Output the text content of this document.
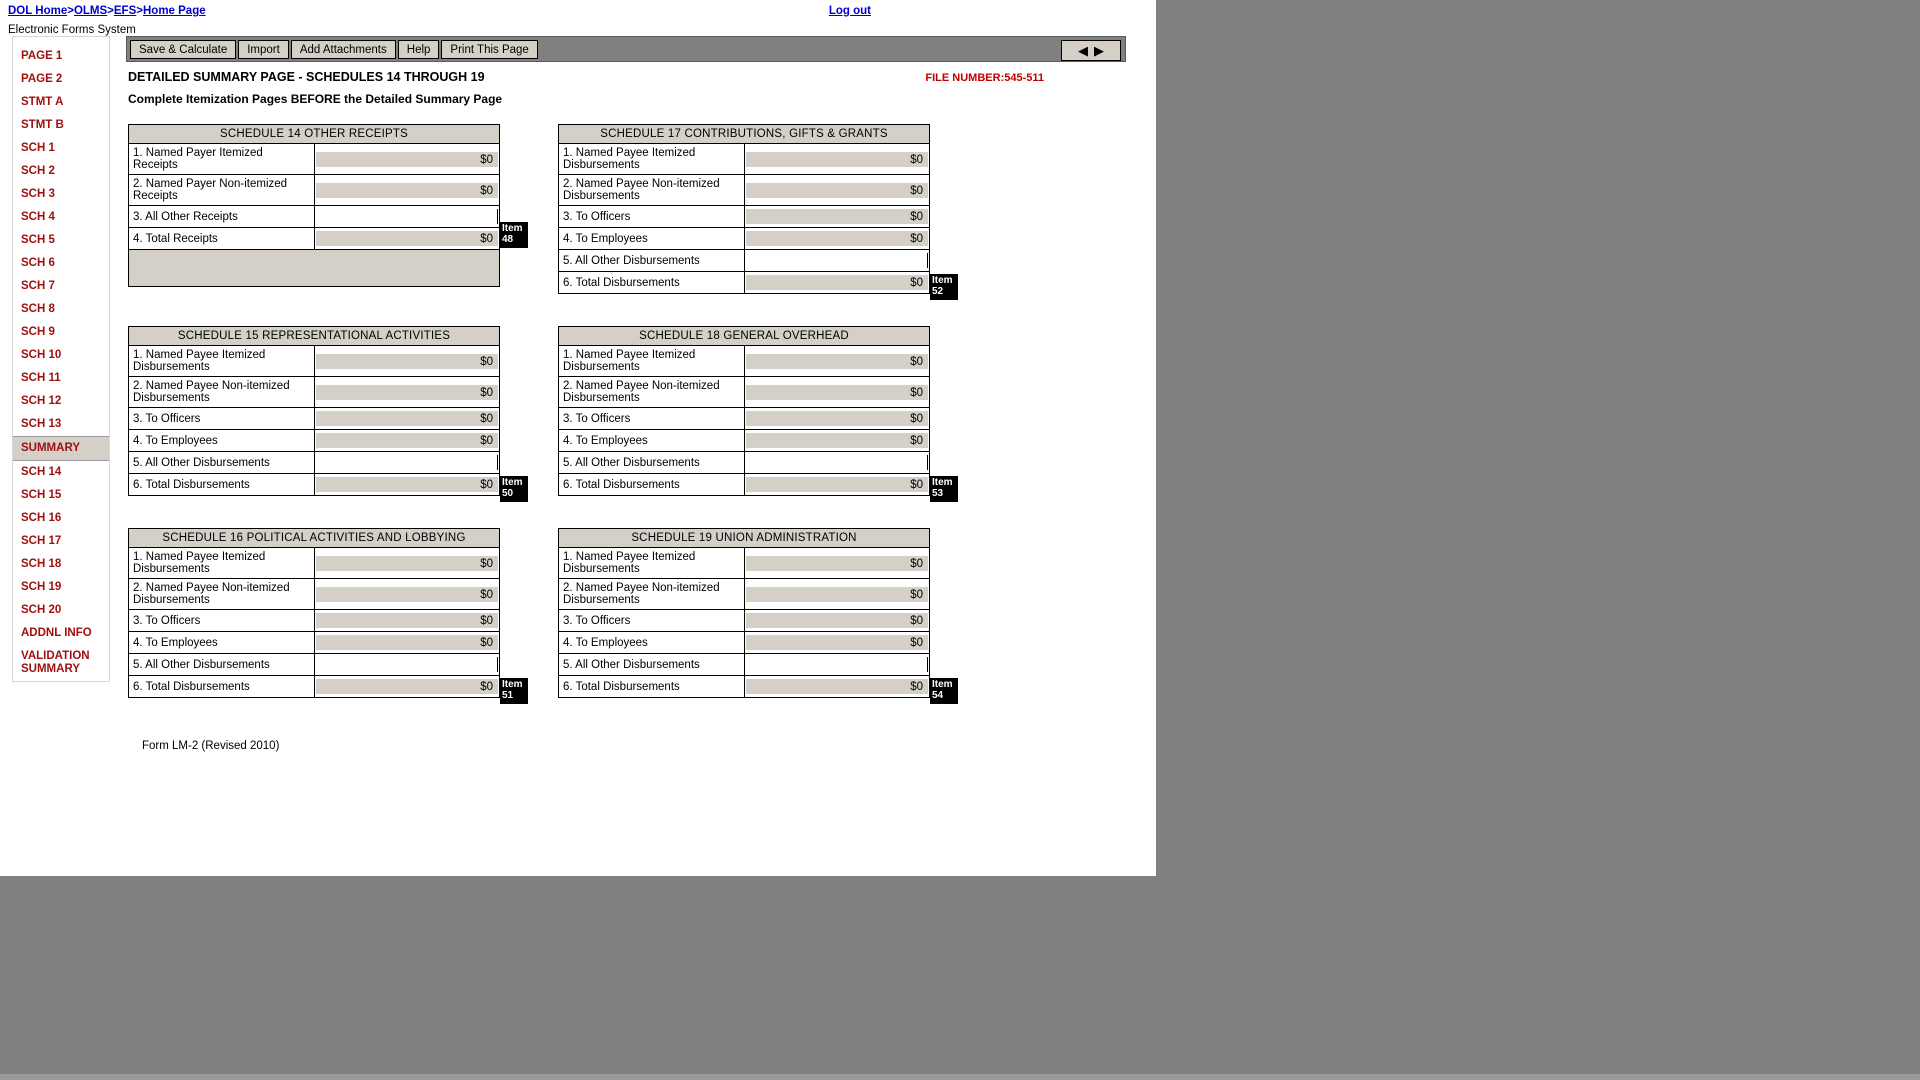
DOL Home>OLMS>EFS>Home Page	Log out
Electronic Forms System
PAGE 1
PAGE 2
STMT A
STMT B
SCH 1
SCH 2
SCH 3
SCH 4
SCH 5
SCH 6
SCH 7
SCH 8
SCH 9
SCH 10
SCH 11
SCH 12
SCH 13
SUMMARY
SCH 14
SCH 15
SCH 16
SCH 17
SCH 18
SCH 19
SCH 20
ADDNL INFO
VALIDATION SUMMARY
Save & Calculate	Import	Add Attachments	Help	Print This Page	◀ ▶
DETAILED SUMMARY PAGE - SCHEDULES 14 THROUGH 19	FILE NUMBER:545-511
Complete Itemization Pages BEFORE the Detailed Summary Page
SCHEDULE 14 OTHER RECEIPTS	
1. Named Payer Itemized Receipts	$0

2. Named Payer Non-itemized Receipts	$0

3. All Other Receipts	

4. Total Receipts	$0

Item 48
SCHEDULE 17 CONTRIBUTIONS, GIFTS & GRANTS	
1. Named Payee Itemized Disbursements	$0

2. Named Payee Non-itemized Disbursements	$0

3. To Officers	$0

4. To Employees	$0

5. All Other Disbursements	

6. Total Disbursements	$0 Item 52
SCHEDULE 15 REPRESENTATIONAL ACTIVITIES	
1. Named Payee Itemized Disbursements	$0

2. Named Payee Non-itemized Disbursements	$0

3. To Officers	$0

4. To Employees	$0

5. All Other Disbursements	

6. Total Disbursements	$0 Item 50
SCHEDULE 18 GENERAL OVERHEAD	
1. Named Payee Itemized Disbursements	$0

2. Named Payee Non-itemized Disbursements	$0

3. To Officers	$0

4. To Employees	$0

5. All Other Disbursements	

6. Total Disbursements	$0 Item 53
SCHEDULE 16 POLITICAL ACTIVITIES AND LOBBYING	
1. Named Payee Itemized Disbursements	$0

2. Named Payee Non-itemized Disbursements	$0

3. To Officers	$0

4. To Employees	$0

5. All Other Disbursements	

6. Total Disbursements	$0 Item 51
SCHEDULE 19 UNION ADMINISTRATION	
1. Named Payee Itemized Disbursements	$0

2. Named Payee Non-itemized Disbursements	$0

3. To Officers	$0

4. To Employees	$0

5. All Other Disbursements	

6. Total Disbursements	$0 Item 54
Form LM-2 (Revised 2010)
